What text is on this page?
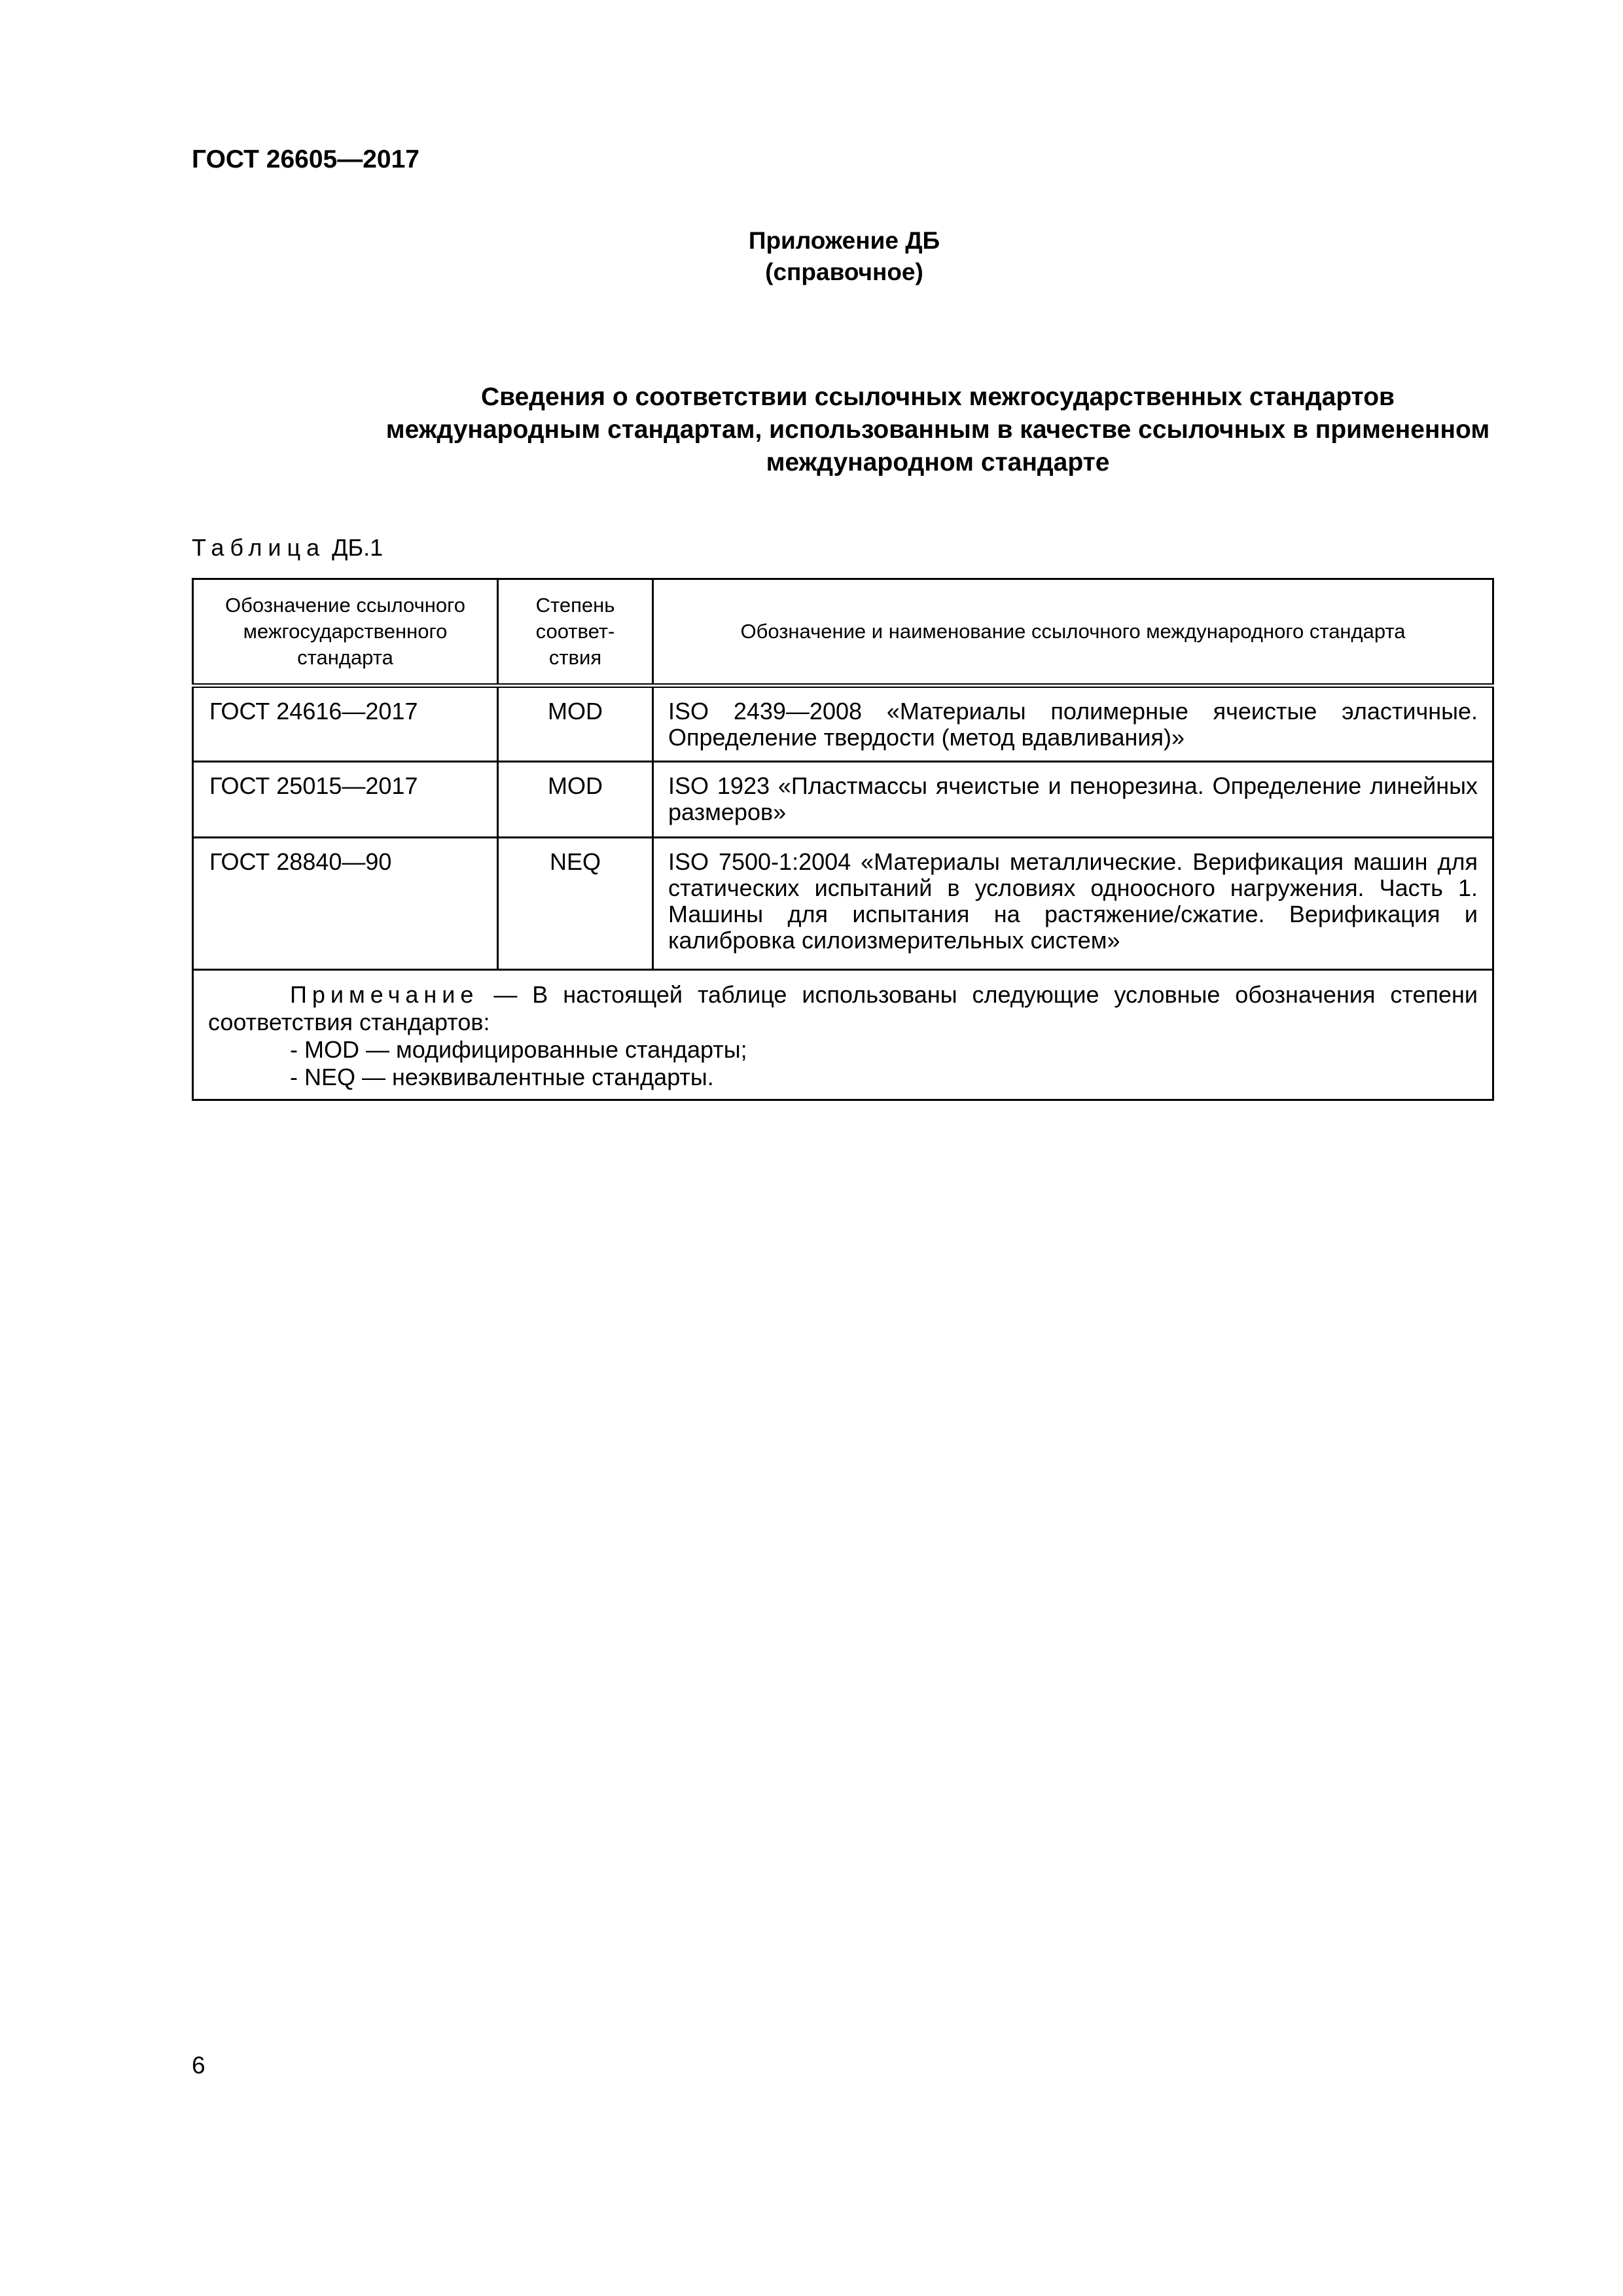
ГОСТ 26605—2017
Приложение ДБ
(справочное)
Сведения о соответствии ссылочных межгосударственных стандартов
международным стандартам, использованным в качестве ссылочных в примененном
международном стандарте
Таблица ДБ.1
Обозначение ссылочного межгосударственного стандарта	Степень соответ- ствия	Обозначение и наименование ссылочного международного стандарта

ГОСТ 24616—2017	MOD	ISO 2439—2008 «Материалы полимерные ячеистые эластичные. Определение твердости (метод вдавливания)»

ГОСТ 25015—2017	MOD	ISO 1923 «Пластмассы ячеистые и пенорезина. Определение линейных размеров»

ГОСТ 28840—90	NEQ	ISO 7500-1:2004 «Материалы металлические. Верификация машин для статических испытаний в условиях одноосного нагружения. Часть 1. Машины для испытания на растяжение/сжатие. Верификация и калибровка силоизмерительных систем»

Примечание — В настоящей таблице использованы следующие условные обозначения степени соответствия стандартов:
- MOD — модифицированные стандарты;
- NEQ — неэквивалентные стандарты.		
6
